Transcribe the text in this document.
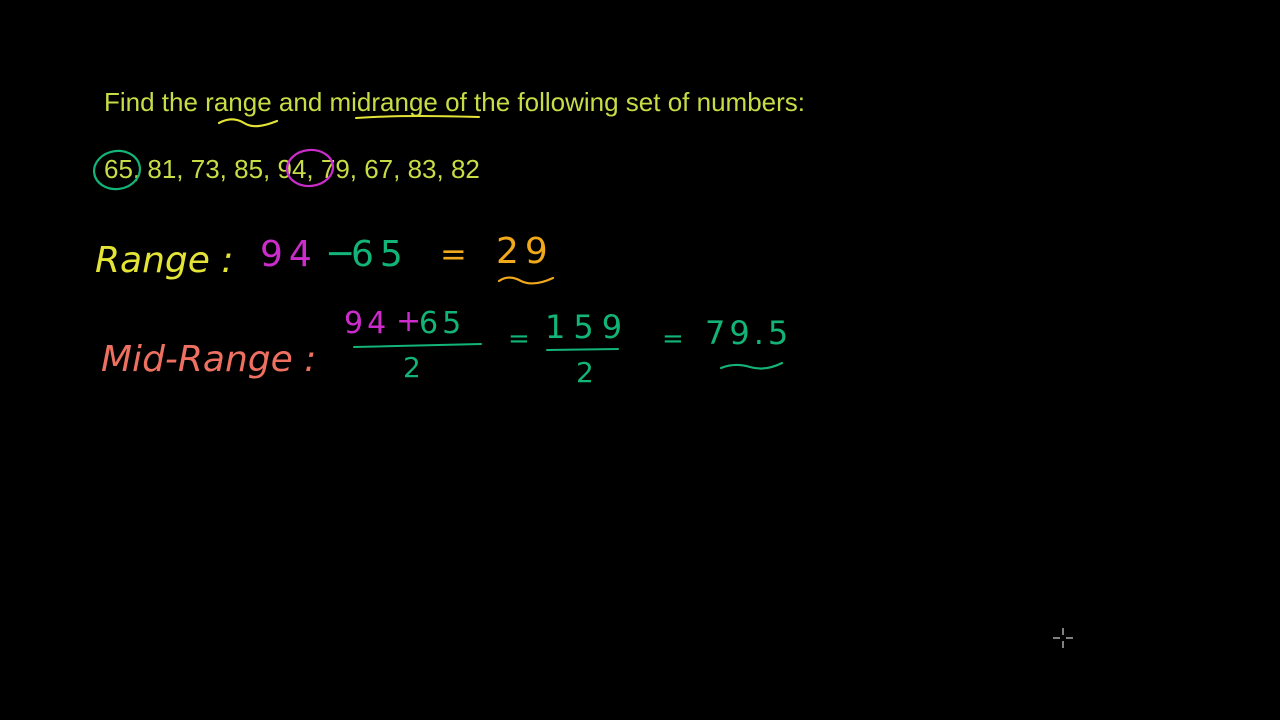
Find the range and midrange of the following set of numbers:
65, 81, 73, 85, 94, 79, 67, 83, 82
Range : 94 −
65 = 29
Mid-Range :
94 +
65
2
= 159
2
= 79.5
